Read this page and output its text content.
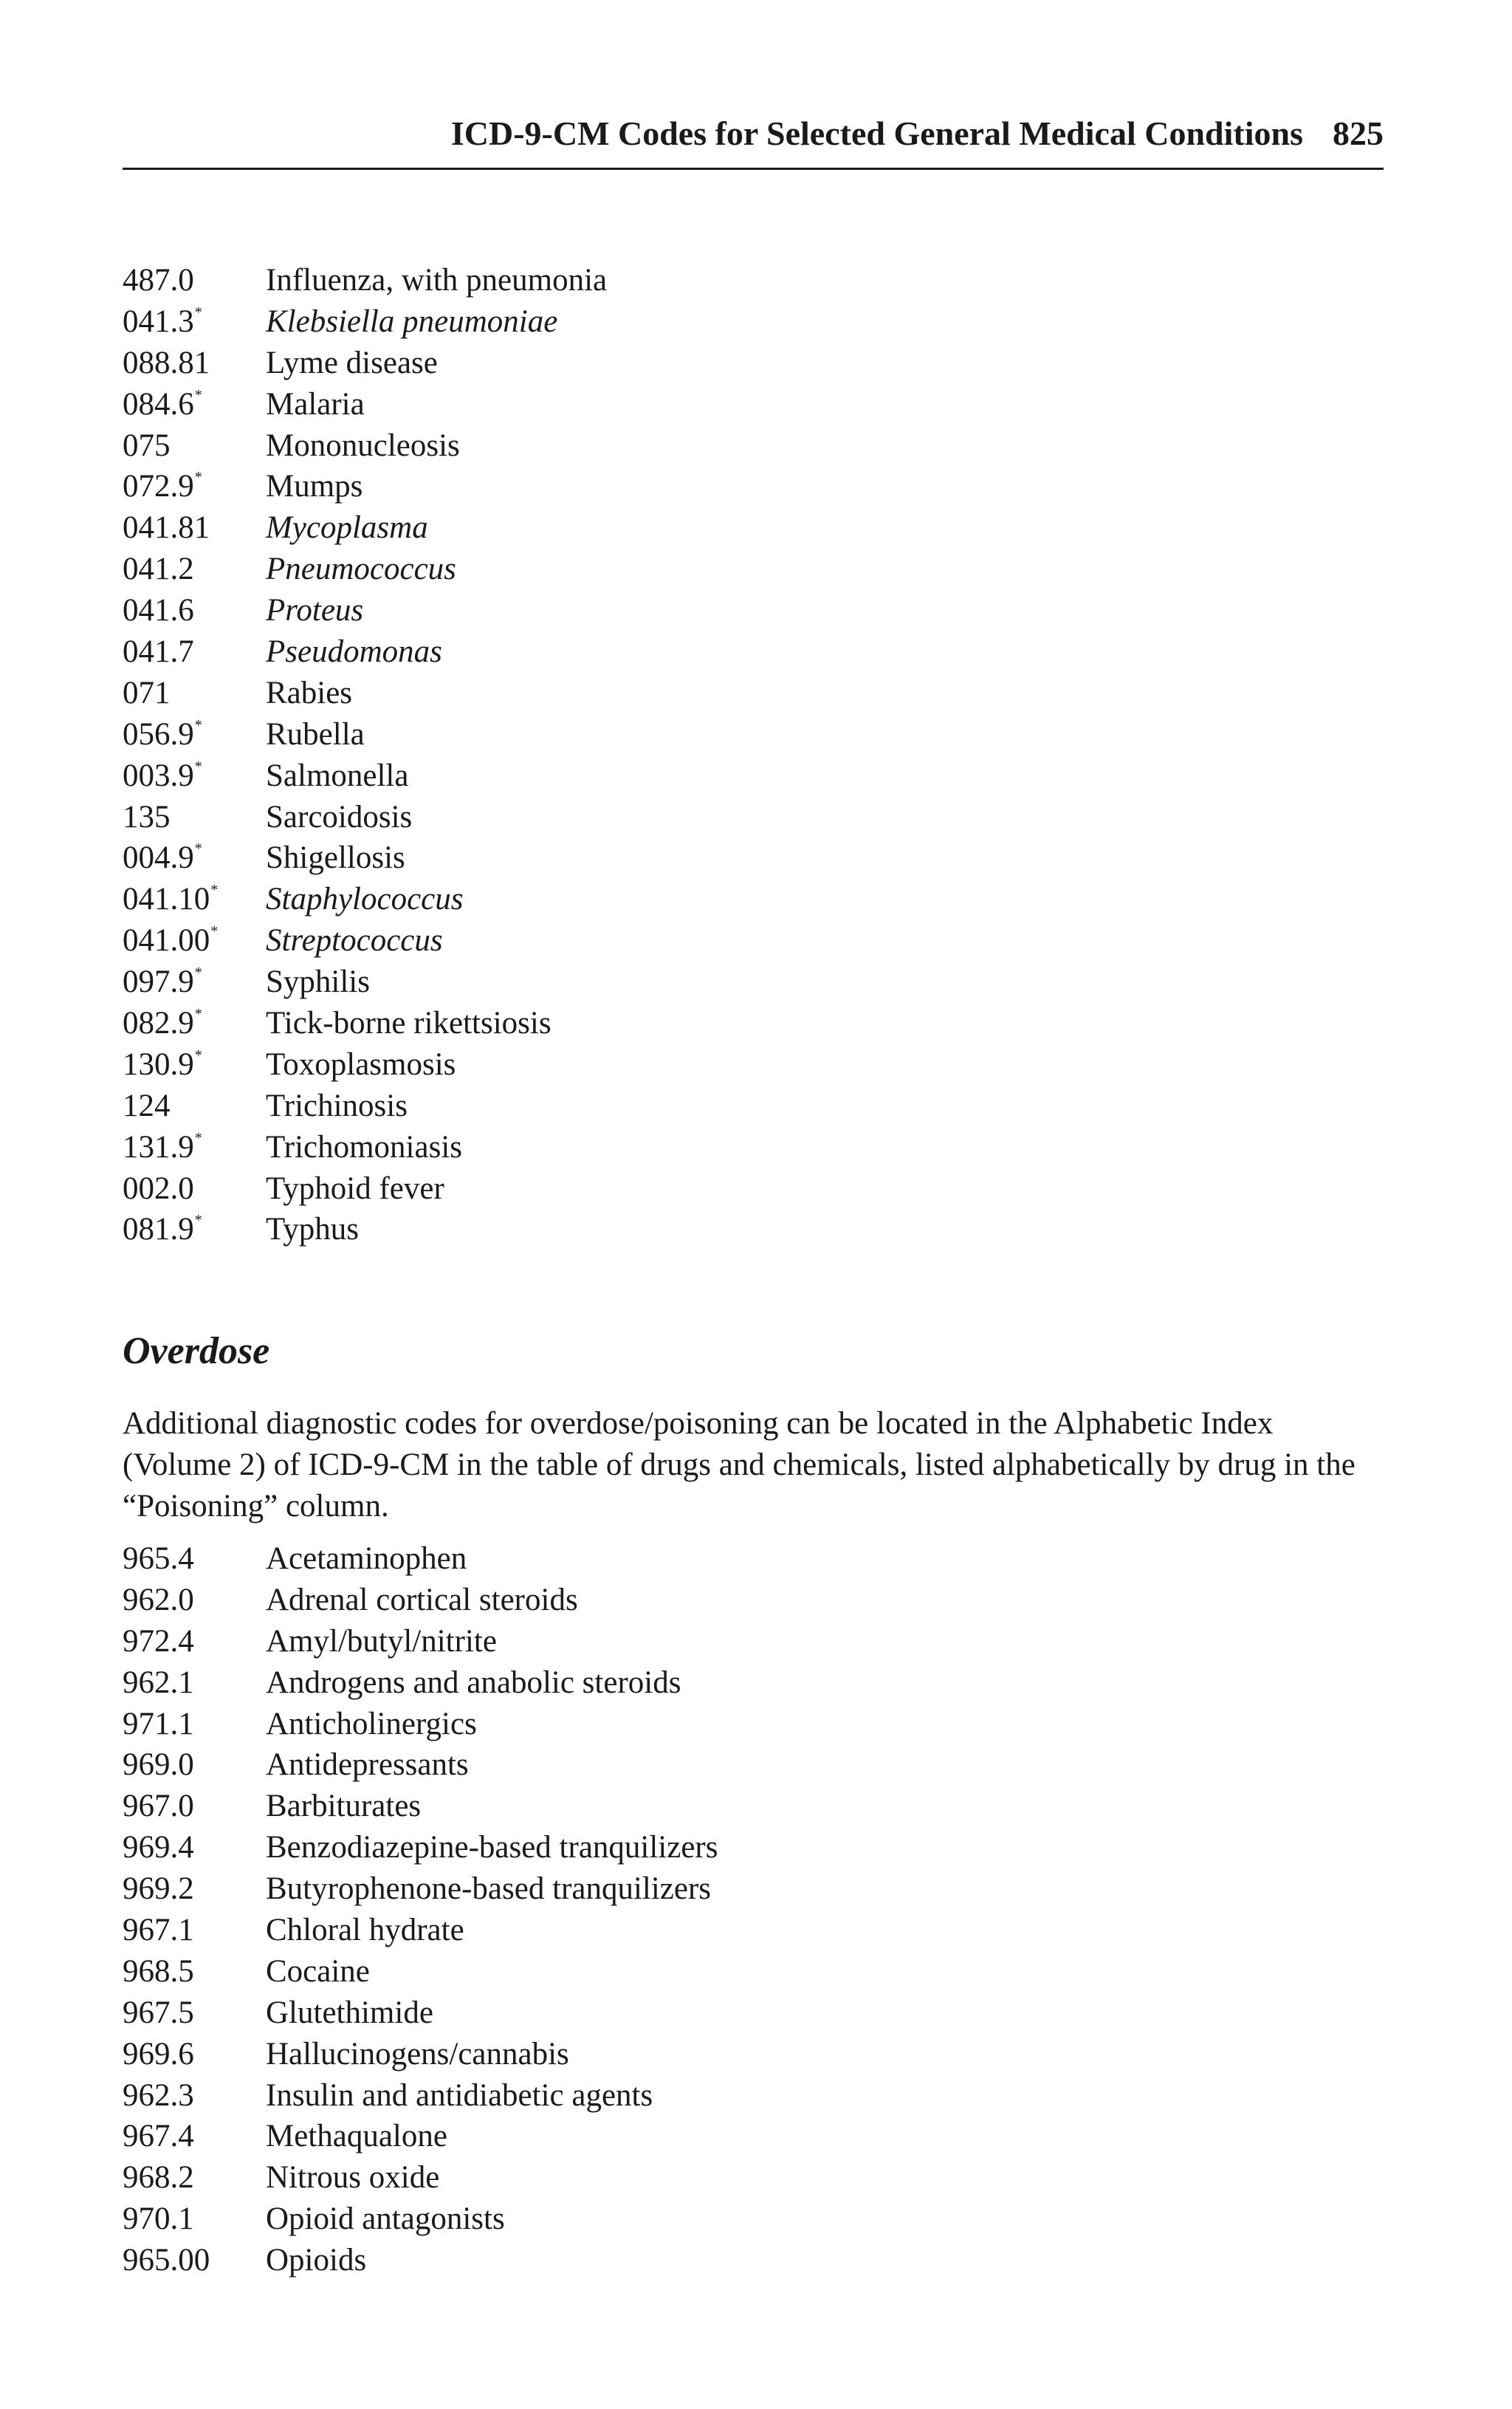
ICD-9-CM Codes for Selected General Medical Conditions 825
487.0 Influenza, with pneumonia
041.3* Klebsiella pneumoniae
088.81 Lyme disease
084.6* Malaria
075	Mononucleosis
072.9* Mumps
041.81 Mycoplasma
041.2 Pneumococcus
041.6 Proteus
041.7 Pseudomonas
071	Rabies
056.9* Rubella
003.9* Salmonella
135	Sarcoidosis
004.9* Shigellosis
041.10* Staphylococcus
041.00* Streptococcus
097.9* Syphilis
082.9* Tick-borne rikettsiosis
130.9* Toxoplasmosis
124	Trichinosis
131.9* Trichomoniasis
002.0 Typhoid fever
081.9* Typhus
Overdose

Additional diagnostic codes for overdose/poisoning can be located in the Alphabetic Index (Volume 2) of ICD-9-CM in the table of drugs and chemicals, listed alphabetically by drug in the “Poisoning” column.

965.4 Acetaminophen
962.0 Adrenal cortical steroids
972.4 Amyl/butyl/nitrite
962.1 Androgens and anabolic steroids
971.1 Anticholinergics
969.0 Antidepressants
967.0 Barbiturates
969.4 Benzodiazepine-based tranquilizers
969.2 Butyrophenone-based tranquilizers
967.1 Chloral hydrate
968.5 Cocaine
967.5 Glutethimide
969.6 Hallucinogens/cannabis
962.3 Insulin and antidiabetic agents
967.4 Methaqualone
968.2 Nitrous oxide
970.1 Opioid antagonists
965.00 Opioids
